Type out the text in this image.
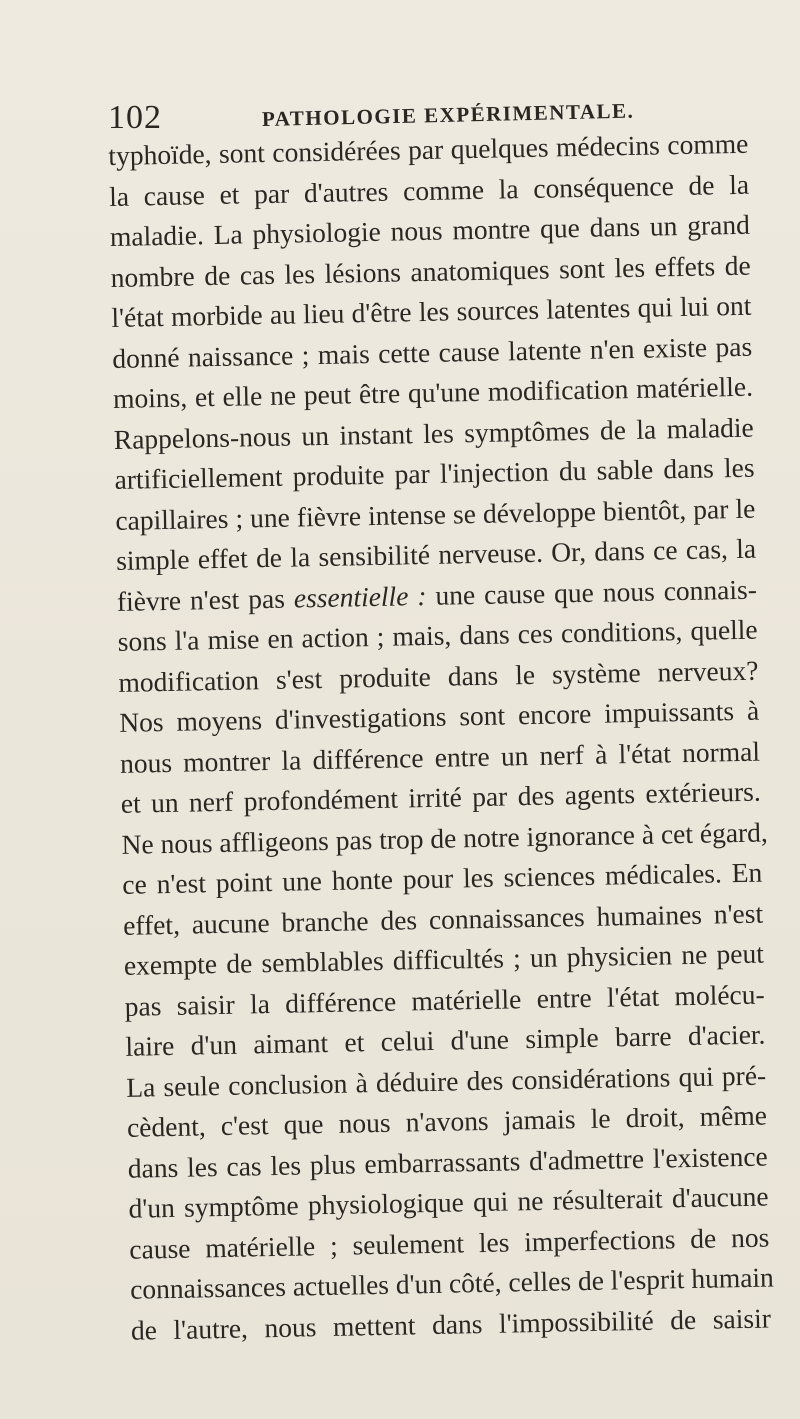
102	PATHOLOGIE EXPÉRIMENTALE.
typhoïde, sont considérées par quelques médecins comme
la cause et par d'autres comme la conséquence de la
maladie. La physiologie nous montre que dans un grand
nombre de cas les lésions anatomiques sont les effets de
l'état morbide au lieu d'être les sources latentes qui lui ont
donné naissance ; mais cette cause latente n'en existe pas
moins, et elle ne peut être qu'une modification matérielle.
Rappelons-nous un instant les symptômes de la maladie
artificiellement produite par l'injection du sable dans les
capillaires ; une fièvre intense se développe bientôt, par le
simple effet de la sensibilité nerveuse. Or, dans ce cas, la
fièvre n'est pas essentielle : une cause que nous connais-
sons l'a mise en action ; mais, dans ces conditions, quelle
modification s'est produite dans le système nerveux?
Nos moyens d'investigations sont encore impuissants à
nous montrer la différence entre un nerf à l'état normal
et un nerf profondément irrité par des agents extérieurs.
Ne nous affligeons pas trop de notre ignorance à cet égard,
ce n'est point une honte pour les sciences médicales. En
effet, aucune branche des connaissances humaines n'est
exempte de semblables difficultés ; un physicien ne peut
pas saisir la différence matérielle entre l'état molécu-
laire d'un aimant et celui d'une simple barre d'acier.
La seule conclusion à déduire des considérations qui pré-
cèdent, c'est que nous n'avons jamais le droit, même
dans les cas les plus embarrassants d'admettre l'existence
d'un symptôme physiologique qui ne résulterait d'aucune
cause matérielle ; seulement les imperfections de nos
connaissances actuelles d'un côté, celles de l'esprit humain
de l'autre, nous mettent dans l'impossibilité de saisir
